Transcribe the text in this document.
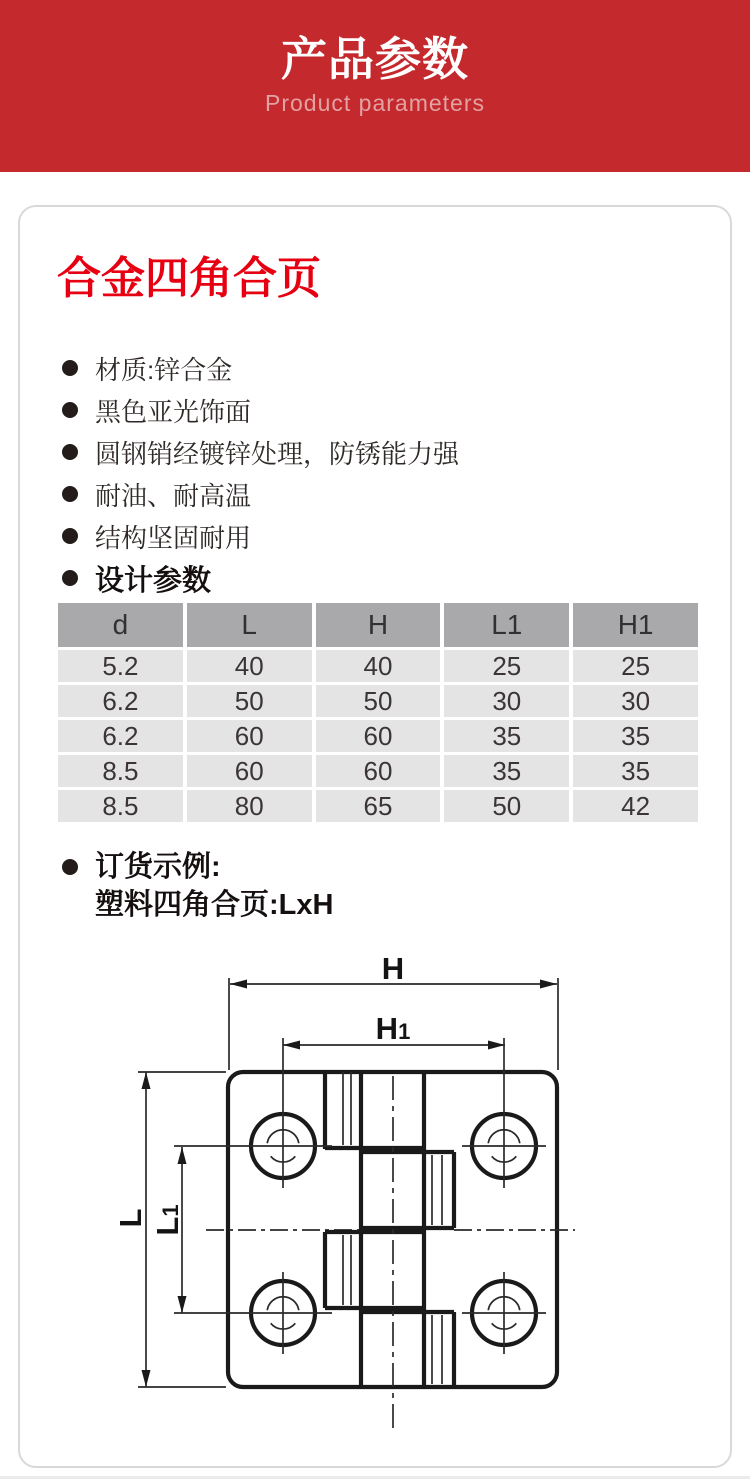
产品参数
Product parameters
合金四角合页
材质:锌合金
黑色亚光饰面
圆钢销经镀锌处理，防锈能力强
耐油、耐高温
结构坚固耐用
设计参数
d	L	H	L1	H1
5.2	40	40	25	25
6.2	50	50	30	30
6.2	60	60	35	35
8.5	60	60	35	35
8.5	80	65	50	42
订货示例:
塑料四角合页:LxH
H
H1
L L1
